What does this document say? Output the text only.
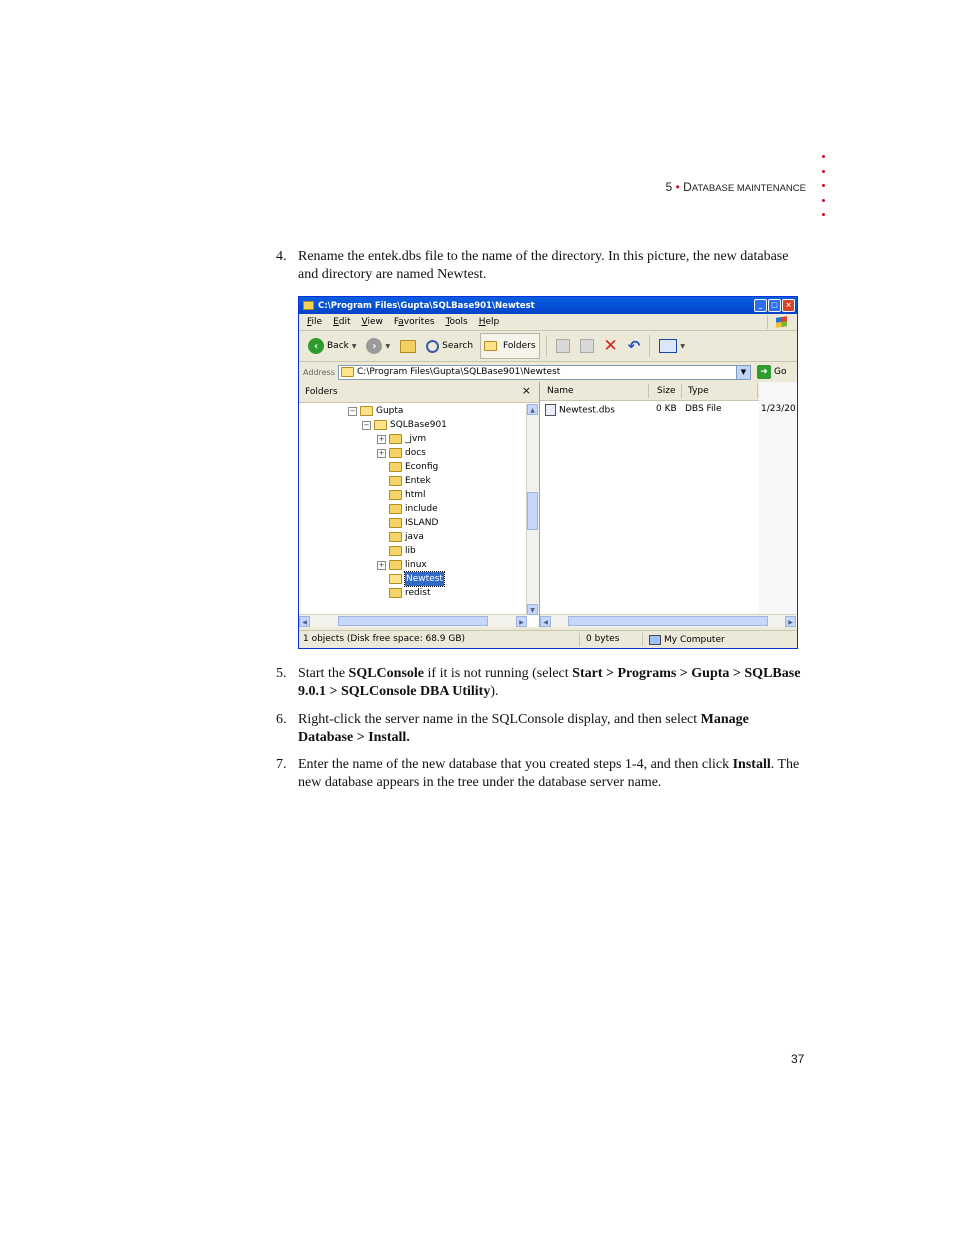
5 • DATABASE MAINTENANCE
4. Rename the entek.dbs file to the name of the directory. In this picture, the new database and directory are named Newtest.
C:\Program Files\Gupta\SQLBase901\Newtest	_	□	×
File Edit View Favorites Tools Help
‹ Back ▼	›	▼	Search	Folders	✕ ↶	▼
Address C:\Program Files\Gupta\SQLBase901\Newtest	▼	➜ Go
Folders	×
− Gupta
− SQLBase901
+ _jvm
+ docs
Econfig
Entek
html
include
ISLAND
java
lib
+ linux
Newtest
redist
▲
▼
◀	▶
Name	Size Type
Newtest.dbs	0 KB DBS File	1/23/20
◀	▶
1 objects (Disk free space: 68.9 GB)	0 bytes	My Computer
5. Start the SQLConsole if it is not running (select Start > Programs > Gupta > SQLBase 9.0.1 > SQLConsole DBA Utility).
6. Right-click the server name in the SQLConsole display, and then select Manage Database > Install.
7. Enter the name of the new database that you created steps 1-4, and then click Install. The new database appears in the tree under the database server name.
37
